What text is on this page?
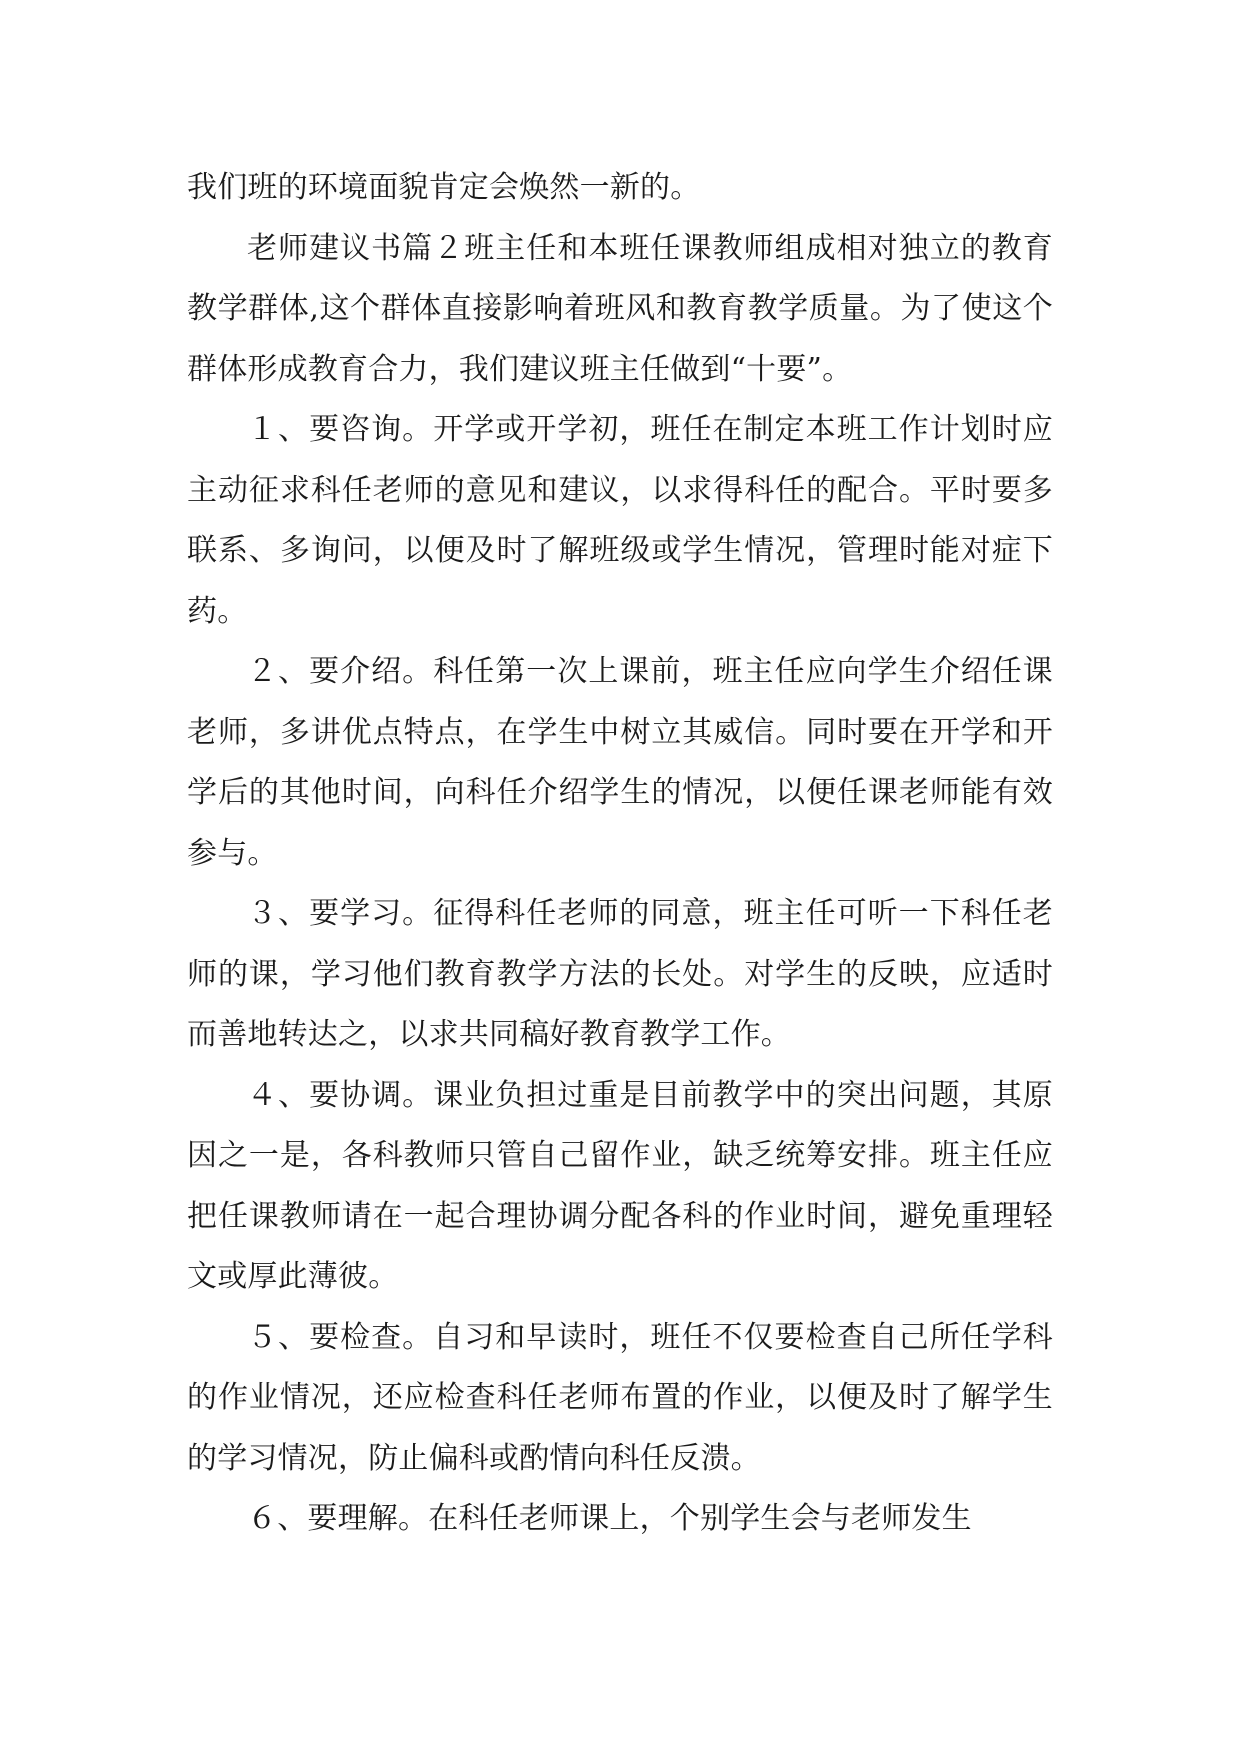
我们班的环境面貌肯定会焕然一新的。

老师建议书篇２班主任和本班任课教师组成相对独立的教育教学群体,这个群体直接影响着班风和教育教学质量。为了使这个群体形成教育合力，我们建议班主任做到“十要”。

１、要咨询。开学或开学初，班任在制定本班工作计划时应主动征求科任老师的意见和建议，以求得科任的配合。平时要多联系、多询问，以便及时了解班级或学生情况，管理时能对症下药。

２、要介绍。科任第一次上课前，班主任应向学生介绍任课老师，多讲优点特点，在学生中树立其威信。同时要在开学和开学后的其他时间，向科任介绍学生的情况，以便任课老师能有效参与。

３、要学习。征得科任老师的同意，班主任可听一下科任老师的课，学习他们教育教学方法的长处。对学生的反映，应适时而善地转达之，以求共同稿好教育教学工作。

４、要协调。课业负担过重是目前教学中的突出问题，其原因之一是，各科教师只管自己留作业，缺乏统筹安排。班主任应把任课教师请在一起合理协调分配各科的作业时间，避免重理轻文或厚此薄彼。

５、要检查。自习和早读时，班任不仅要检查自己所任学科的作业情况，还应检查科任老师布置的作业，以便及时了解学生的学习情况，防止偏科或酌情向科任反溃。

６、要理解。在科任老师课上，个别学生会与老师发生
